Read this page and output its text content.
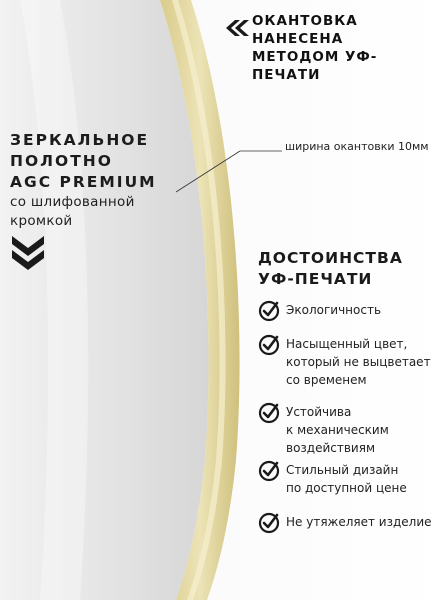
ОКАНТОВКА НАНЕСЕНА
МЕТОДОМ УФ-ПЕЧАТИ
ЗЕРКАЛЬНОЕ
ПОЛОТНО
AGC PREMIUM
со шлифованной
кромкой
ширина окантовки 10мм
ДОСТОИНСТВА
УФ-ПЕЧАТИ
Экологичность
Насыщенный цвет,
который не выцветает
со временем
Устойчива
к механическим
воздействиям
Стильный дизайн
по доступной цене
Не утяжеляет изделие
